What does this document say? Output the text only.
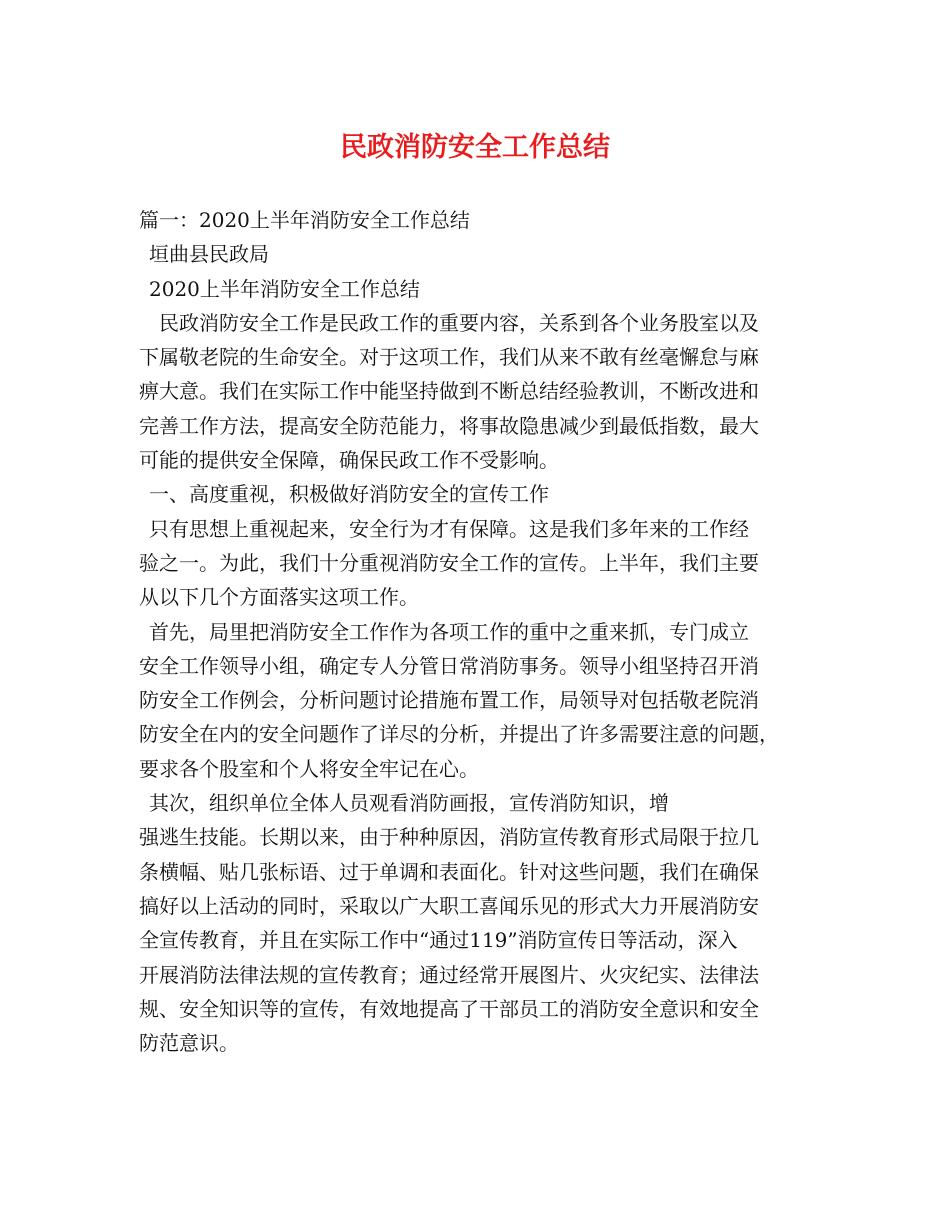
民政消防安全工作总结
篇一：2020上半年消防安全工作总结
垣曲县民政局
2020上半年消防安全工作总结
民政消防安全工作是民政工作的重要内容，关系到各个业务股室以及
下属敬老院的生命安全。对于这项工作，我们从来不敢有丝毫懈怠与麻
痹大意。我们在实际工作中能坚持做到不断总结经验教训，不断改进和
完善工作方法，提高安全防范能力，将事故隐患减少到最低指数，最大
可能的提供安全保障，确保民政工作不受影响。
一、高度重视，积极做好消防安全的宣传工作
只有思想上重视起来，安全行为才有保障。这是我们多年来的工作经
验之一。为此，我们十分重视消防安全工作的宣传。上半年，我们主要
从以下几个方面落实这项工作。
首先，局里把消防安全工作作为各项工作的重中之重来抓，专门成立
安全工作领导小组，确定专人分管日常消防事务。领导小组坚持召开消
防安全工作例会，分析问题讨论措施布置工作，局领导对包括敬老院消
防安全在内的安全问题作了详尽的分析，并提出了许多需要注意的问题，
要求各个股室和个人将安全牢记在心。
其次，组织单位全体人员观看消防画报，宣传消防知识，增
强逃生技能。长期以来，由于种种原因，消防宣传教育形式局限于拉几
条横幅、贴几张标语、过于单调和表面化。针对这些问题，我们在确保
搞好以上活动的同时，采取以广大职工喜闻乐见的形式大力开展消防安
全宣传教育，并且在实际工作中“通过119”消防宣传日等活动，深入
开展消防法律法规的宣传教育；通过经常开展图片、火灾纪实、法律法
规、安全知识等的宣传，有效地提高了干部员工的消防安全意识和安全
防范意识。
